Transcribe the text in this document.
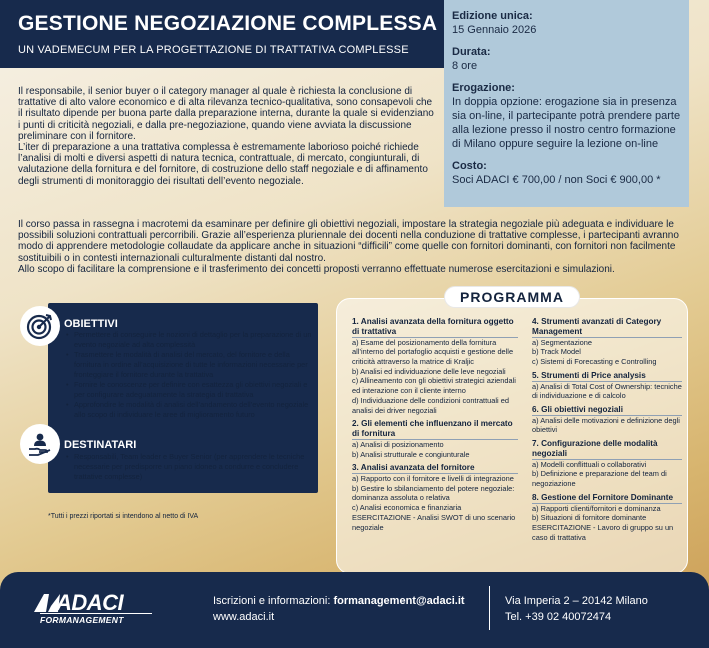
GESTIONE NEGOZIAZIONE COMPLESSA
UN VADEMECUM PER LA PROGETTAZIONE DI TRATTATIVA COMPLESSE
Edizione unica:
15 Gennaio 2026
Durata:
8 ore
Erogazione:
In doppia opzione: erogazione sia in presenza sia on-line, il partecipante potrà prendere parte alla lezione presso il nostro centro formazione di Milano oppure seguire la lezione on-line
Costo:
Soci ADACI € 700,00 / non Soci € 900,00 *

Il responsabile, il senior buyer o il category manager al quale è richiesta la conclusione di trattative di alto valore economico e di alta rilevanza tecnico-qualitativa, sono consapevoli che il risultato dipende per buona parte dalla preparazione interna, durante la quale si evidenziano i punti di criticità negoziali, e dalla pre-negoziazione, quando viene avviata la discussione preliminare con il fornitore.

L’iter di preparazione a una trattativa complessa è estremamente laborioso poiché richiede l’analisi di molti e diversi aspetti di natura tecnica, contrattuale, di mercato, congiunturali, di valutazione della fornitura e del fornitore, di costruzione dello staff negoziale e di affinamento degli strumenti di monitoraggio dei risultati dell’evento negoziale.

Il corso passa in rassegna i macrotemi da esaminare per definire gli obiettivi negoziali, impostare la strategia negoziale più adeguata e individuare le possibili soluzioni contrattuali percorribili. Grazie all’esperienza pluriennale dei docenti nella conduzione di trattative complesse, i partecipanti avranno modo di apprendere metodologie collaudate da applicare anche in situazioni “difficili” come quelle con fornitori dominanti, con fornitori non facilmente sostituibili o in contesti internazionali culturalmente distanti dal nostro.

Allo scopo di facilitare la comprensione e il trasferimento dei concetti proposti verranno effettuate numerose esercitazioni e simulazioni.

OBIETTIVI
• Permettere di conseguire le nozioni di dettaglio per la preparazione di un evento negoziale ad alta complessità
• Trasmettere le modalità di analisi del mercato, del fornitore e della fornitura in ordine all’acquisizione di tutte le informazioni necessarie per fronteggiare il fornitore durante la trattativa
• Fornire le conoscenze per definire con esattezza gli obiettivi negoziali e per configurare adeguatamente la strategia di trattativa
• Approfondire le modalità di analisi dell’andamento dell’evento negoziale allo scopo di individuare le aree di miglioramento futuro
DESTINATARI
• Responsabili, Team leader e Buyer Senior (per apprendere le tecniche necessarie per predisporre un piano idoneo a condurre e concludere trattative complesse)
*Tutti i prezzi riportati si intendono al netto di IVA
PROGRAMMA
1. Analisi avanzata della fornitura oggetto di trattativa
a) Esame del posizionamento della fornitura all’interno del portafoglio acquisti e gestione delle criticità attraverso la matrice di Kraljic
b) Analisi ed individuazione delle leve negoziali
c) Allineamento con gli obiettivi strategici aziendali ed interazione con il cliente interno
d) Individuazione delle condizioni contrattuali ed analisi dei driver negoziali
2. Gli elementi che influenzano il mercato di fornitura
a) Analisi di posizionamento
b) Analisi strutturale e congiunturale
3. Analisi avanzata del fornitore
a) Rapporto con il fornitore e livelli di integrazione
b) Gestire lo sbilanciamento del potere negoziale: dominanza assoluta o relativa
c) Analisi economica e finanziaria ESERCITAZIONE - Analisi SWOT di uno scenario negoziale
4. Strumenti avanzati di Category Management
a) Segmentazione
b) Track Model
c) Sistemi di Forecasting e Controlling
5. Strumenti di Price analysis
a) Analisi di Total Cost of Ownership: tecniche di individuazione e di calcolo
6. Gli obiettivi negoziali
a) Analisi delle motivazioni e definizione degli obiettivi
7. Configurazione delle modalità negoziali
a) Modelli conflittuali o collaborativi
b) Definizione e preparazione del team di negoziazione
8. Gestione del Fornitore Dominante
a) Rapporti clienti/fornitori e dominanza
b) Situazioni di fornitore dominante ESERCITAZIONE - Lavoro di gruppo su un caso di trattativa
ADACI
FORMANAGEMENT
Iscrizioni e informazioni: formanagement@adaci.it
www.adaci.it
Via Imperia 2 – 20142 Milano
Tel. +39 02 40072474
